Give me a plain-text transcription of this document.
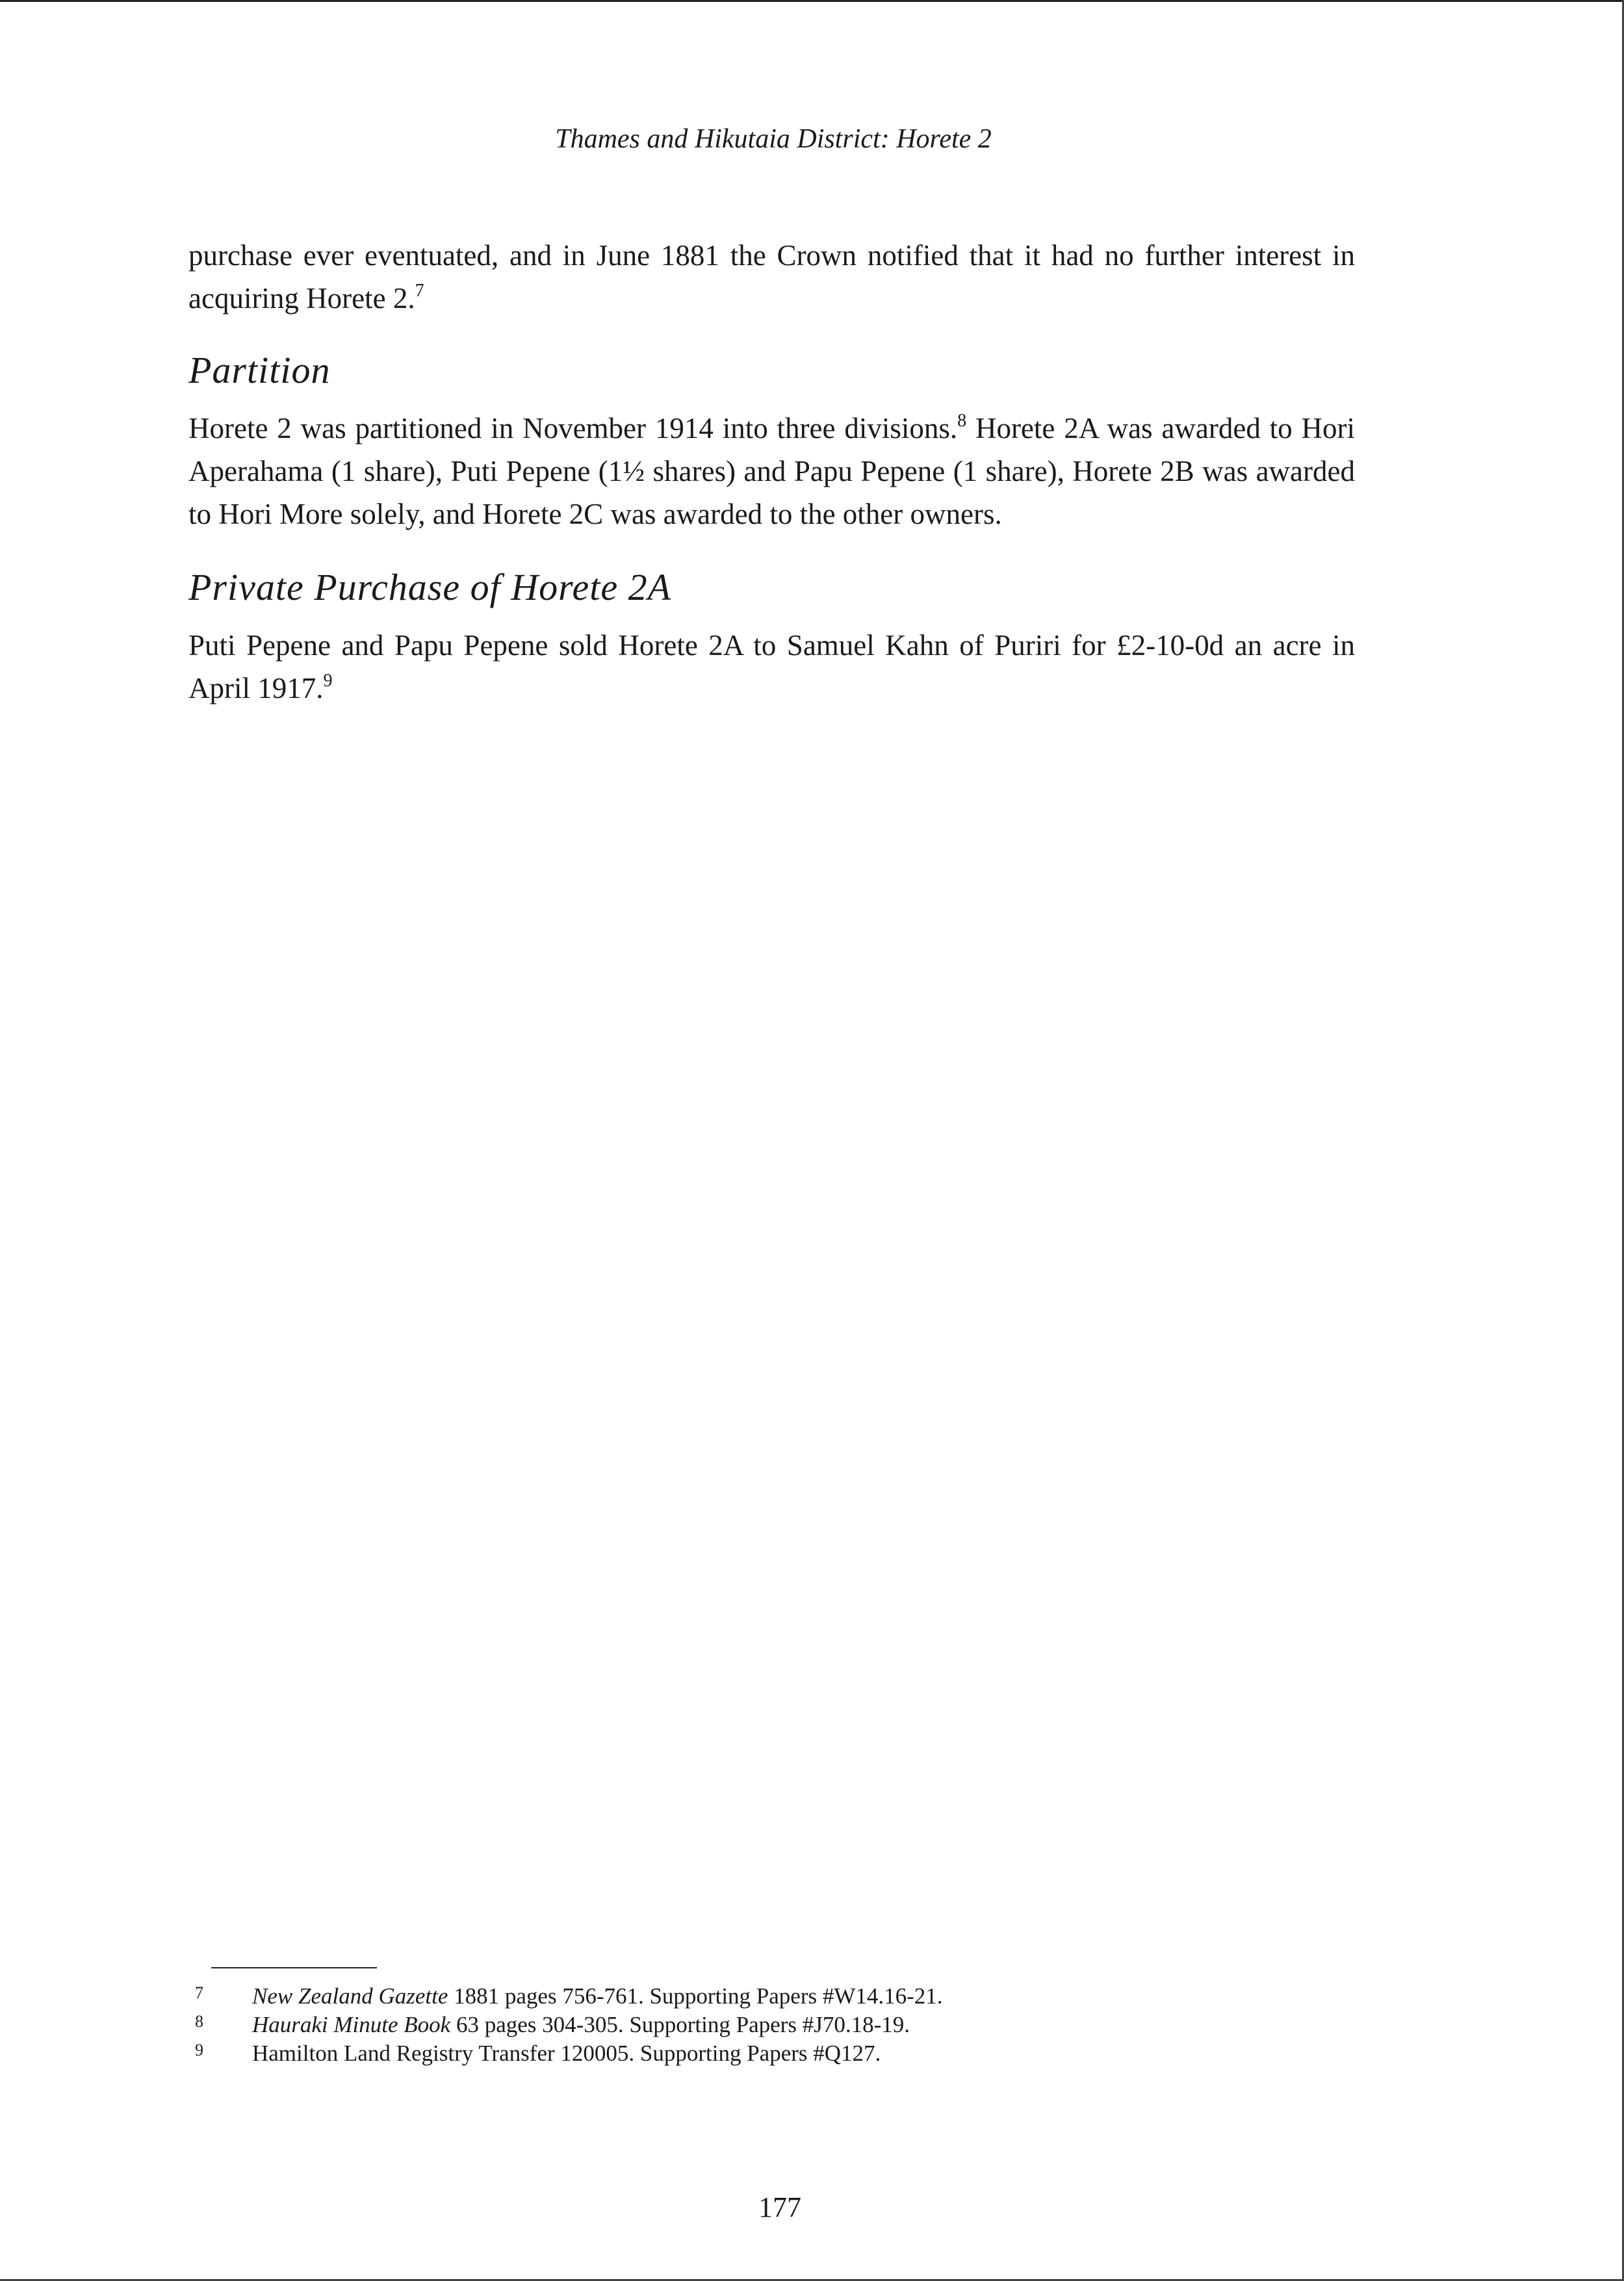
Thames and Hikutaia District: Horete 2

purchase ever eventuated, and in June 1881 the Crown notified that it had no further interest in acquiring Horete 2.$^7$

Partition

Horete 2 was partitioned in November 1914 into three divisions.$^8$ Horete 2A was awarded to Hori Aperahama (1 share), Puti Pepene (1½ shares) and Papu Pepene (1 share), Horete 2B was awarded to Hori More solely, and Horete 2C was awarded to the other owners.

Private Purchase of Horete 2A

Puti Pepene and Papu Pepene sold Horete 2A to Samuel Kahn of Puriri for £2-10-0d an acre in April 1917.$^9$

7	New Zealand Gazette 1881 pages 756-761. Supporting Papers #W14.16-21.
8	Hauraki Minute Book 63 pages 304-305. Supporting Papers #J70.18-19.
9	Hamilton Land Registry Transfer 120005. Supporting Papers #Q127.
177
